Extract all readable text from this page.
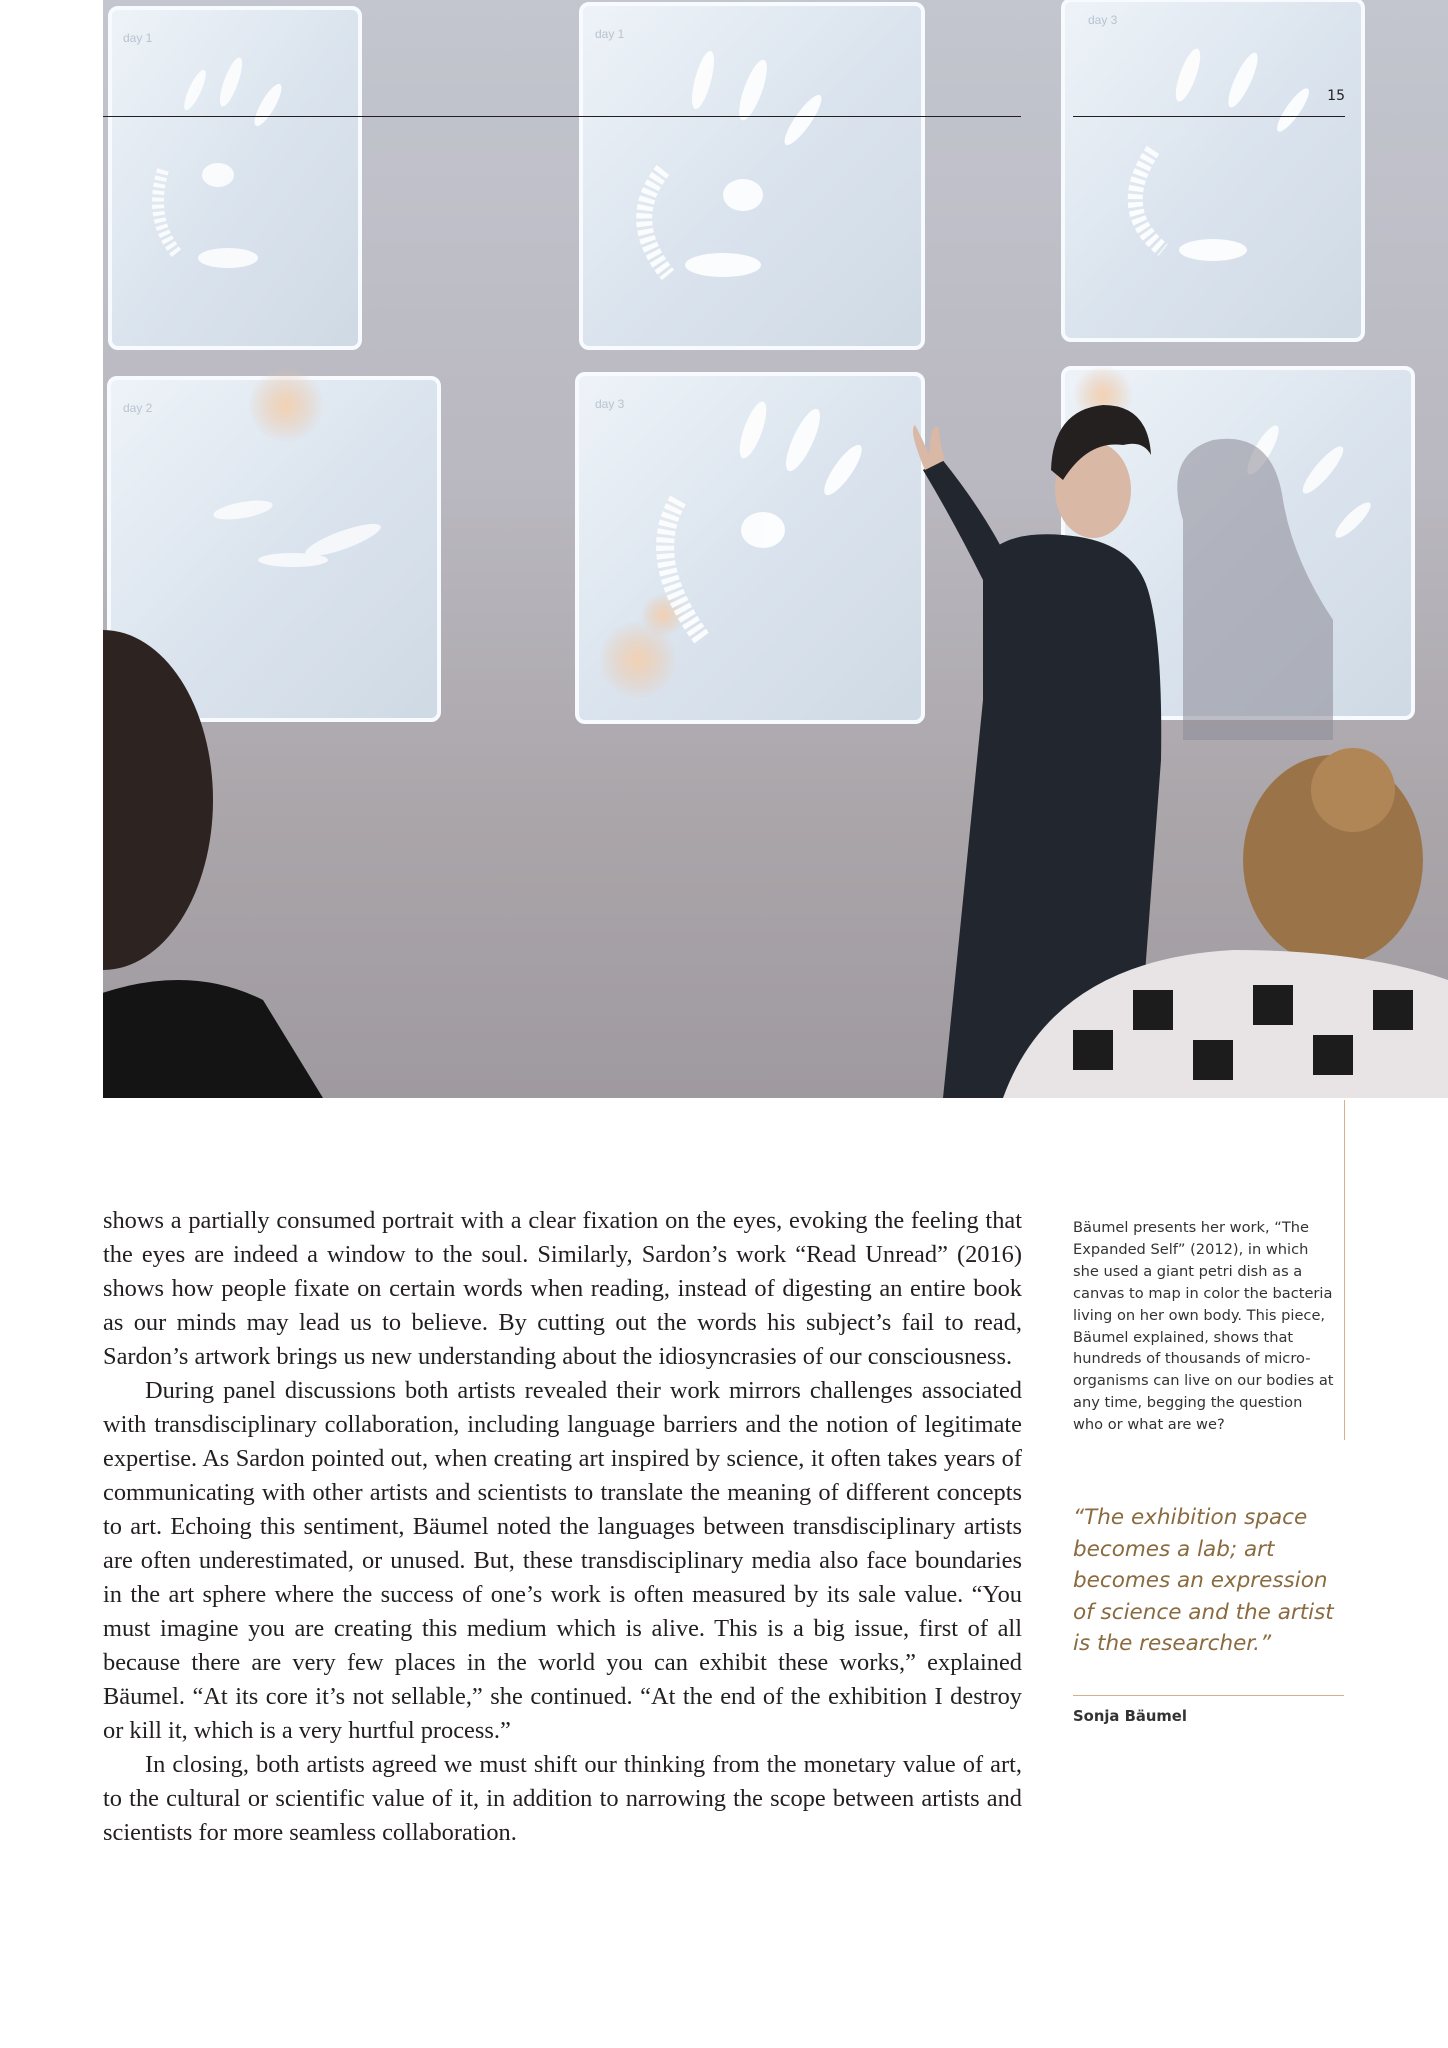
day 1	day 1
day 3
day 2	day 3
15

shows a partially consumed portrait with a clear fixation on the eyes, evoking the feeling that the eyes are indeed a window to the soul. Similarly, Sardon’s work “Read Unread” (2016) shows how people fixate on certain words when reading, instead of digesting an entire book as our minds may lead us to believe. By cutting out the words his subject’s fail to read, Sardon’s artwork brings us new understanding about the idiosyncrasies of our consciousness.

During panel discussions both artists revealed their work mirrors challenges associated with transdisciplinary collaboration, including language barriers and the notion of legitimate expertise. As Sardon pointed out, when creating art inspired by science, it often takes years of communicating with other artists and scientists to translate the meaning of different concepts to art. Echoing this sentiment, Bäumel noted the languages between transdisciplinary artists are often underestimated, or unused. But, these transdisciplinary media also face boundaries in the art sphere where the success of one’s work is often measured by its sale value. “You must imagine you are creating this medium which is alive. This is a big issue, first of all because there are very few places in the world you can exhibit these works,” explained Bäumel. “At its core it’s not sellable,” she continued. “At the end of the exhibition I destroy or kill it, which is a very hurtful process.”

In closing, both artists agreed we must shift our thinking from the monetary value of art, to the cultural or scientific value of it, in addition to narrowing the scope between artists and scientists for more seamless collaboration.

Bäumel presents her work, “The Expanded Self” (2012), in which she used a giant petri dish as a canvas to map in color the bacteria living on her own body. This piece, Bäumel explained, shows that hundreds of thousands of micro-organisms can live on our bodies at any time, begging the question who or what are we?
“The exhibition space becomes a lab; art becomes an expression of science and the artist is the researcher.”
Sonja Bäumel
